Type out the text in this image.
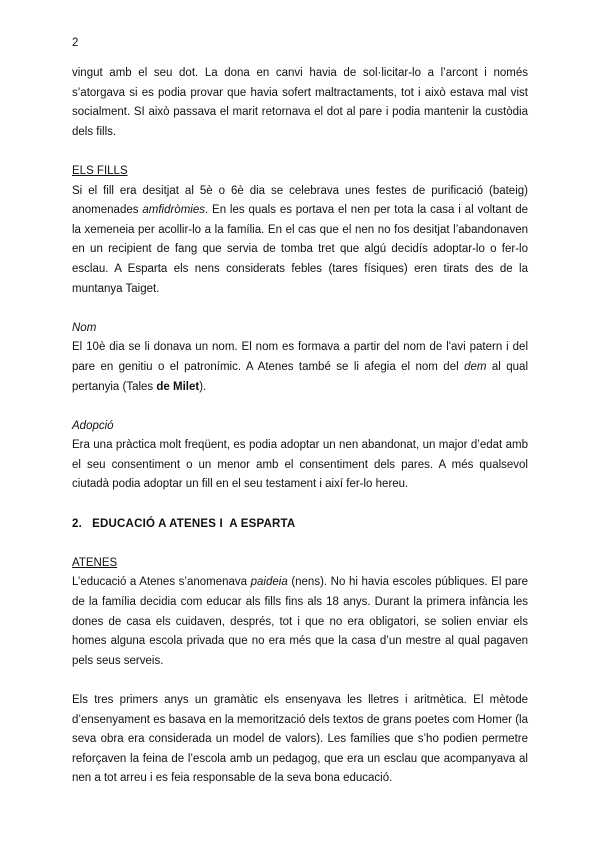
2

vingut amb el seu dot. La dona en canvi havia de sol·licitar-lo a l’arcont i només s’atorgava si es podia provar que havia sofert maltractaments, tot i això estava mal vist socialment. SI això passava el marit retornava el dot al pare i podia mantenir la custòdia dels fills.

ELS FILLS

Si el fill era desitjat al 5è o 6è dia se celebrava unes festes de purificació (bateig) anomenades amfidròmies. En les quals es portava el nen per tota la casa i al voltant de la xemeneia per acollir-lo a la família. En el cas que el nen no fos desitjat l’abandonaven en un recipient de fang que servia de tomba tret que algú decidís adoptar-lo o fer-lo esclau. A Esparta els nens considerats febles (tares físiques) eren tirats des de la muntanya Taiget.

Nom

El 10è dia se li donava un nom. El nom es formava a partir del nom de l'avi patern i del pare en genitiu o el patronímic. A Atenes també se li afegia el nom del dem al qual pertanyia (Tales de Milet).

Adopció

Era una pràctica molt freqüent, es podia adoptar un nen abandonat, un major d’edat amb el seu consentiment o un menor amb el consentiment dels pares. A més qualsevol ciutadà podia adoptar un fill en el seu testament i així fer-lo hereu.

2.   EDUCACIÓ A ATENES I  A ESPARTA

ATENES

L’educació a Atenes s’anomenava paideia (nens). No hi havia escoles públiques. El pare de la família decidia com educar als fills fins als 18 anys. Durant la primera infància les dones de casa els cuidaven, després, tot i que no era obligatori, se solien enviar els homes alguna escola privada que no era més que la casa d’un mestre al qual pagaven pels seus serveis.

Els tres primers anys un gramàtic els ensenyava les lletres i aritmètica. El mètode d’ensenyament es basava en la memorització dels textos de grans poetes com Homer (la seva obra era considerada un model de valors). Les famílies que s’ho podien permetre reforçaven la feina de l’escola amb un pedagog, que era un esclau que acompanyava al nen a tot arreu i es feia responsable de la seva bona educació.
